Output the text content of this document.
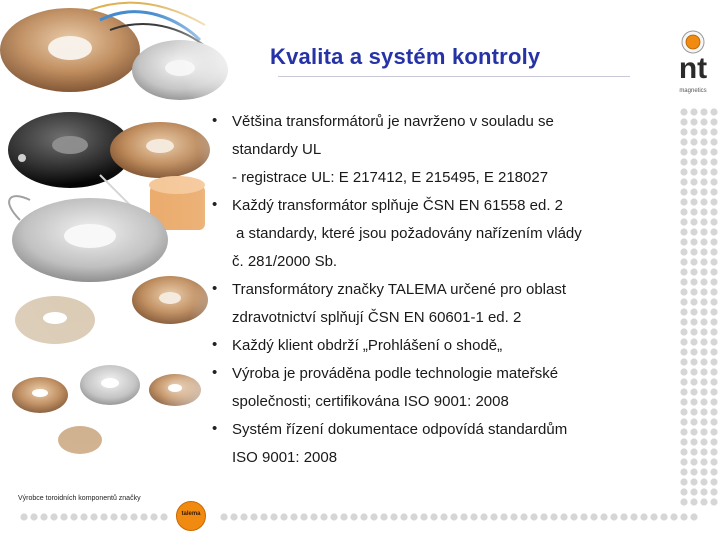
Kvalita a systém kontroly
• Většina transformátorů je navrženo v souladu se
standardy UL
- registrace UL: E 217412, E 215495, E 218027
• Každý transformátor splňuje ČSN EN 61558 ed. 2
a standardy, které jsou požadovány nařízením vlády
č. 281/2000 Sb.
• Transformátory značky TALEMA určené pro oblast
zdravotnictví splňují ČSN EN 60601-1 ed. 2
• Každý klient obdrží „Prohlášení o shodě„
• Výroba je prováděna podle technologie mateřské
společnosti; certifikována ISO 9001: 2008
• Systém řízení dokumentace odpovídá standardům
ISO 9001: 2008
nt
magnetics
Výrobce toroidních komponentů značky
talema
